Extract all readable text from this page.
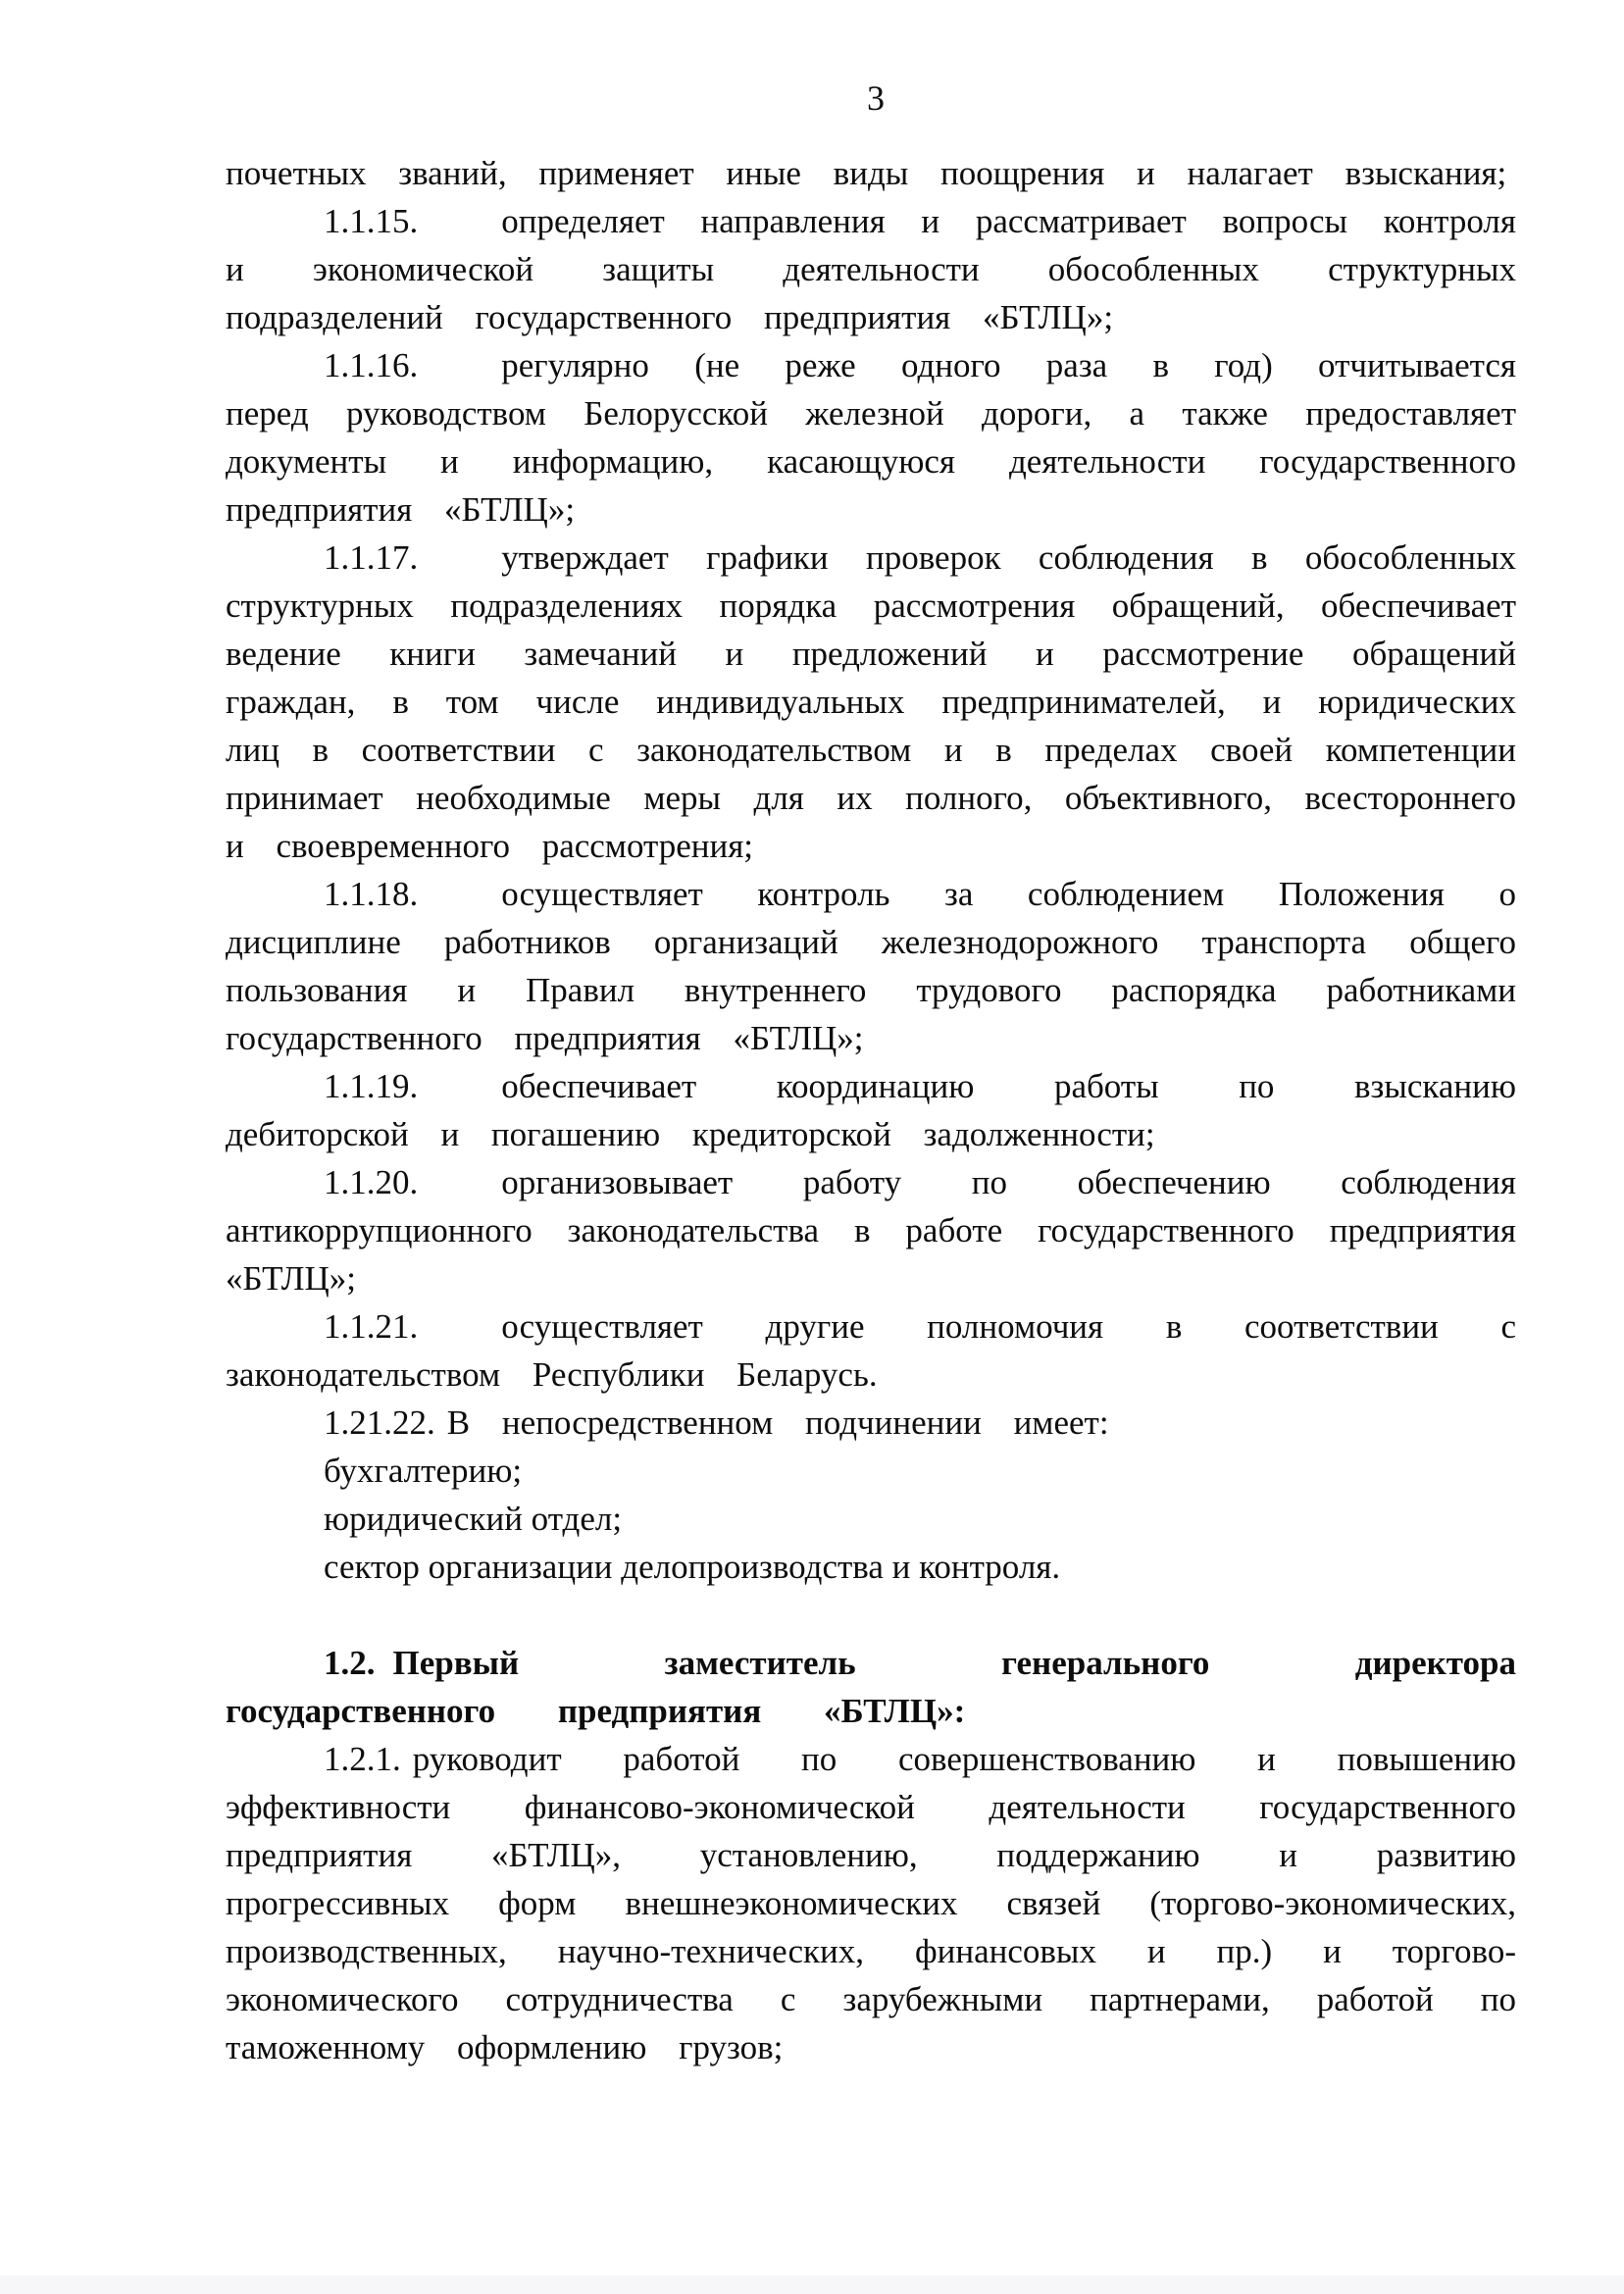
3

почетных званий, применяет иные виды поощрения и налагает взыскания;

1.1.15. определяет направления и рассматривает вопросы контроля и экономической защиты деятельности обособленных структурных подразделений государственного предприятия «БТЛЦ»;

1.1.16. регулярно (не реже одного раза в год) отчитывается перед руководством Белорусской железной дороги, а также предоставляет документы и информацию, касающуюся деятельности государственного предприятия «БТЛЦ»;

1.1.17. утверждает графики проверок соблюдения в обособленных структурных подразделениях порядка рассмотрения обращений, обеспечивает ведение книги замечаний и предложений и рассмотрение обращений граждан, в том числе индивидуальных предпринимателей, и юридических лиц в соответствии с законодательством и в пределах своей компетенции принимает необходимые меры для их полного, объективного, всестороннего и своевременного рассмотрения;

1.1.18. осуществляет контроль за соблюдением Положения о дисциплине работников организаций железнодорожного транспорта общего пользования и Правил внутреннего трудового распорядка работниками государственного предприятия «БТЛЦ»;

1.1.19. обеспечивает координацию работы по взысканию дебиторской и погашению кредиторской задолженности;

1.1.20. организовывает работу по обеспечению соблюдения антикоррупционного законодательства в работе государственного предприятия «БТЛЦ»;

1.1.21. осуществляет другие полномочия в соответствии с законодательством Республики Беларусь.

1.21.22. В непосредственном подчинении имеет:

бухгалтерию;

юридический отдел;

сектор организации делопроизводства и контроля.

1.2. Первый заместитель генерального директора государственного предприятия «БТЛЦ»:

1.2.1. руководит работой по совершенствованию и повышению эффективности финансово-экономической деятельности государственного предприятия «БТЛЦ», установлению, поддержанию и развитию прогрессивных форм внешнеэкономических связей (торгово-экономических, производственных, научно-технических, финансовых и пр.) и торгово-экономического сотрудничества с зарубежными партнерами, работой по таможенному оформлению грузов;
